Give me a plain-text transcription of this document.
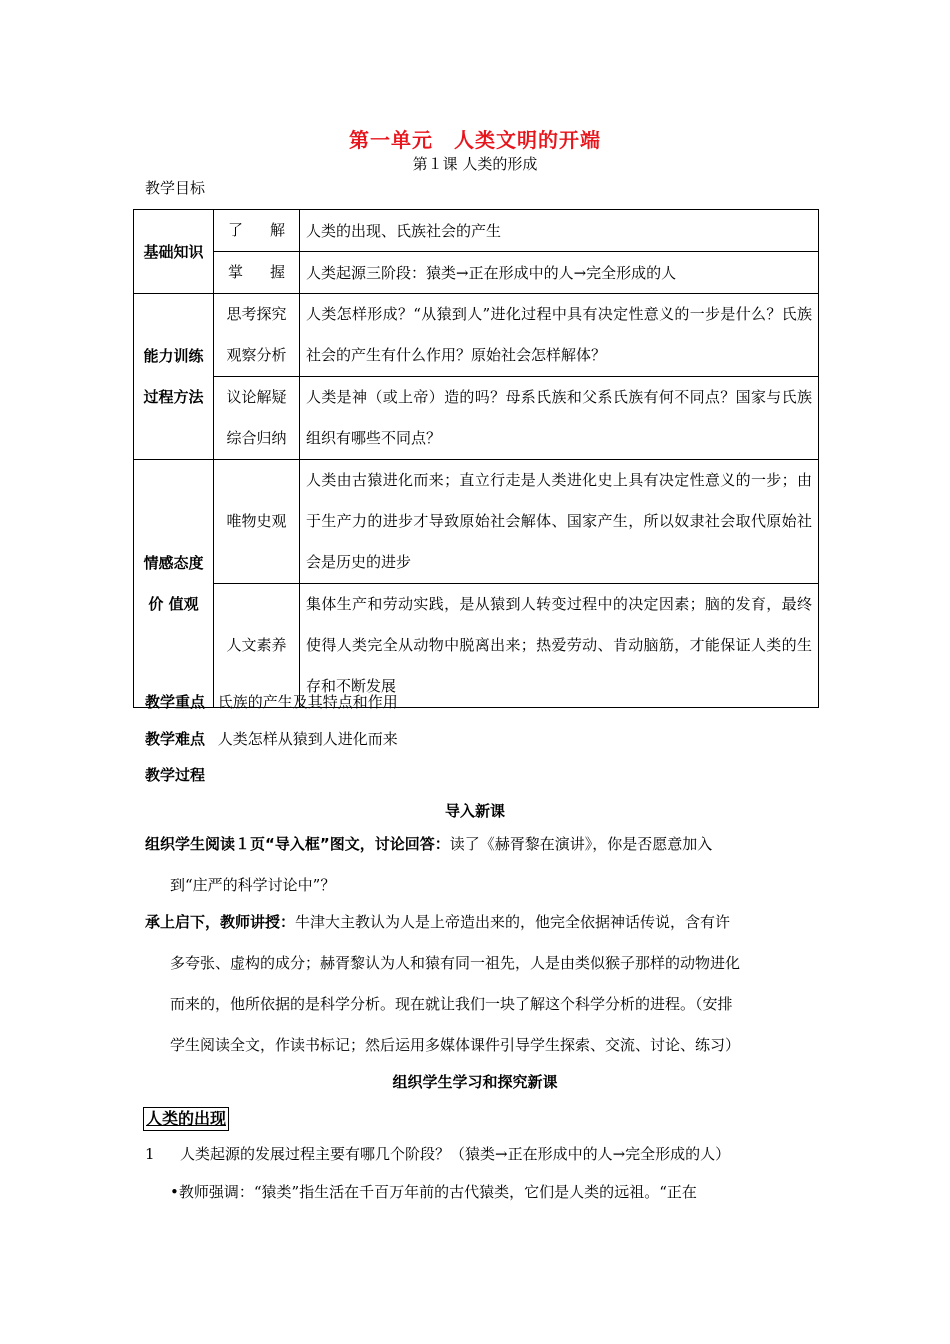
第一单元　人类文明的开端
第１课 人类的形成
教学目标
基础知识	了 解	人类的出现、氏族社会的产生

	掌 握	人类起源三阶段：猿类→正在形成中的人→完全形成的人
能力训练过程方法	思考探究观察分析	人类怎样形成？“从猿到人”进化过程中具有决定性意义的一步是什么？氏族社会的产生有什么作用？原始社会怎样解体？
	议论解疑综合归纳	人类是神（或上帝）造的吗？母系氏族和父系氏族有何不同点？国家与氏族组织有哪些不同点？
情感态度价 值观	唯物史观	人类由古猿进化而来；直立行走是人类进化史上具有决定性意义的一步；由于生产力的进步才导致原始社会解体、国家产生，所以奴隶社会取代原始社会是历史的进步
	人文素养	集体生产和劳动实践，是从猿到人转变过程中的决定因素；脑的发育，最终使得人类完全从动物中脱离出来；热爱劳动、肯动脑筋，才能保证人类的生存和不断发展
教学重点 氏族的产生及其特点和作用
教学难点 人类怎样从猿到人进化而来
教学过程
导入新课
组织学生阅读１页“导入框”图文，讨论回答：读了《赫胥黎在演讲》，你是否愿意加入
到“庄严的科学讨论中”？
承上启下，教师讲授：牛津大主教认为人是上帝造出来的，他完全依据神话传说，含有许
多夸张、虚构的成分；赫胥黎认为人和猿有同一祖先，人是由类似猴子那样的动物进化
而来的，他所依据的是科学分析。现在就让我们一块了解这个科学分析的进程。（安排
学生阅读全文，作读书标记；然后运用多媒体课件引导学生探索、交流、讨论、练习）
组织学生学习和探究新课
人类的出现
1 人类起源的发展过程主要有哪几个阶段？（猿类→正在形成中的人→完全形成的人）
•教师强调：“猿类”指生活在千百万年前的古代猿类，它们是人类的远祖。“正在
